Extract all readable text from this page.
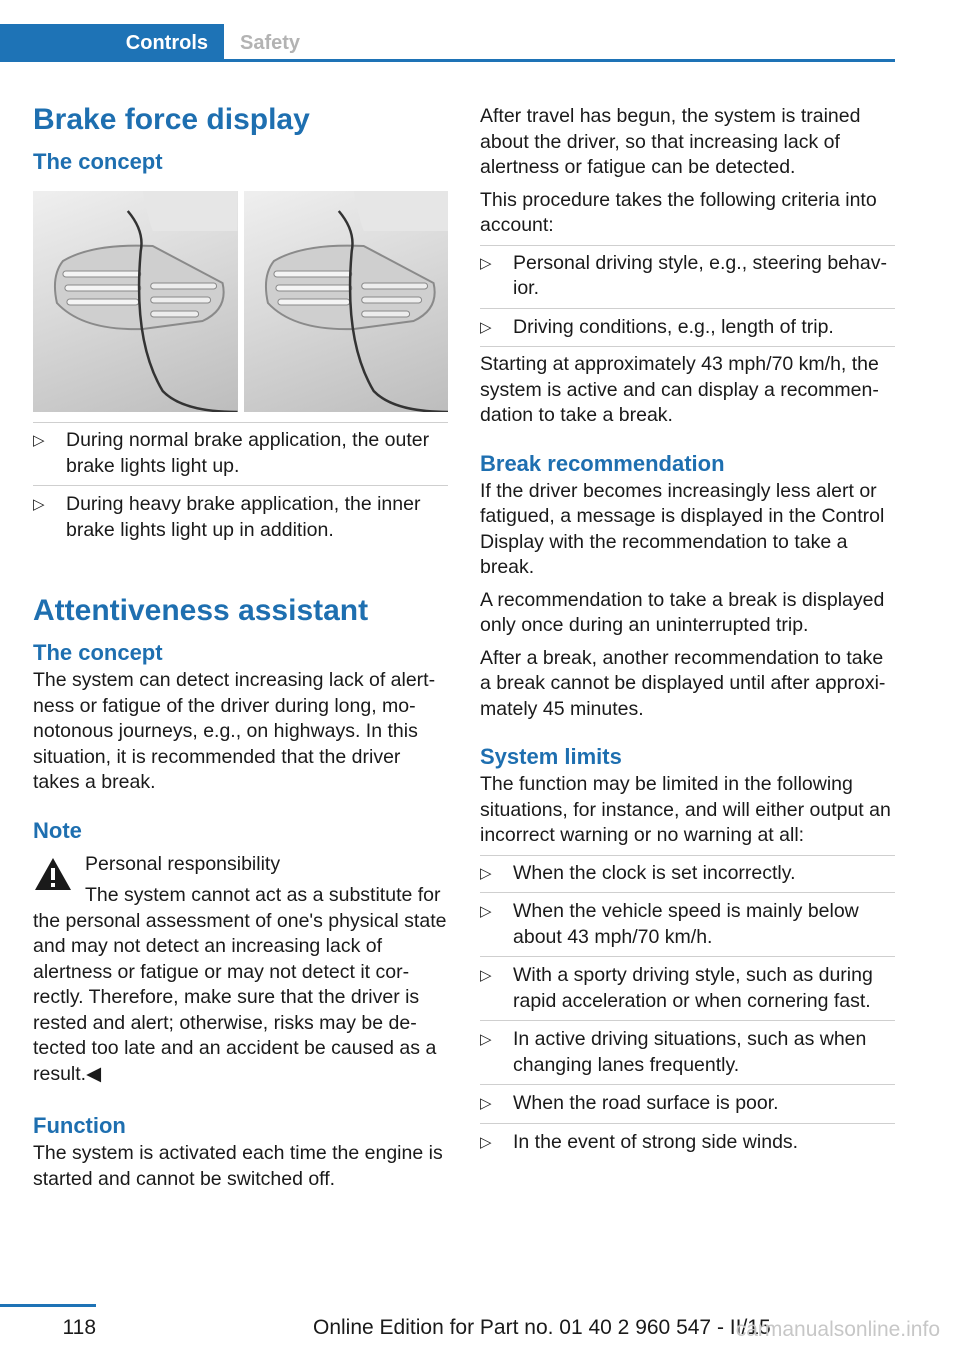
Controls	Safety
Brake force display
The concept
▷ During normal brake application, the outer brake lights light up.
▷ During heavy brake application, the inner brake lights light up in addition.
Attentiveness assistant
The concept

The system can detect increasing lack of alertness or fatigue of the driver during long, monotonous journeys, e.g., on highways. In this situation, it is recommended that the driver takes a break.

Note

Personal responsibility

The system cannot act as a substitute for

the personal assessment of one's physical state and may not detect an increasing lack of alertness or fatigue or may not detect it correctly. Therefore, make sure that the driver is rested and alert; otherwise, risks may be detected too late and an accident be caused as a result.◀

Function

The system is activated each time the engine is started and cannot be switched off.

After travel has begun, the system is trained about the driver, so that increasing lack of alertness or fatigue can be detected.

This procedure takes the following criteria into account:

▷ Personal driving style, e.g., steering behavior.
▷ Driving conditions, e.g., length of trip.

Starting at approximately 43 mph/70 km/h, the system is active and can display a recommendation to take a break.

Break recommendation

If the driver becomes increasingly less alert or fatigued, a message is displayed in the Control Display with the recommendation to take a break.

A recommendation to take a break is displayed only once during an uninterrupted trip.

After a break, another recommendation to take a break cannot be displayed until after approximately 45 minutes.

System limits

The function may be limited in the following situations, for instance, and will either output an incorrect warning or no warning at all:

▷ When the clock is set incorrectly.
▷ When the vehicle speed is mainly below about 43 mph/70 km/h.
▷ With a sporty driving style, such as during rapid acceleration or when cornering fast.
▷ In active driving situations, such as when changing lanes frequently.
▷ When the road surface is poor.
▷ In the event of strong side winds.
118	Online Edition for Part no. 01 40 2 960 547 - II/15
carmanualsonline.info
